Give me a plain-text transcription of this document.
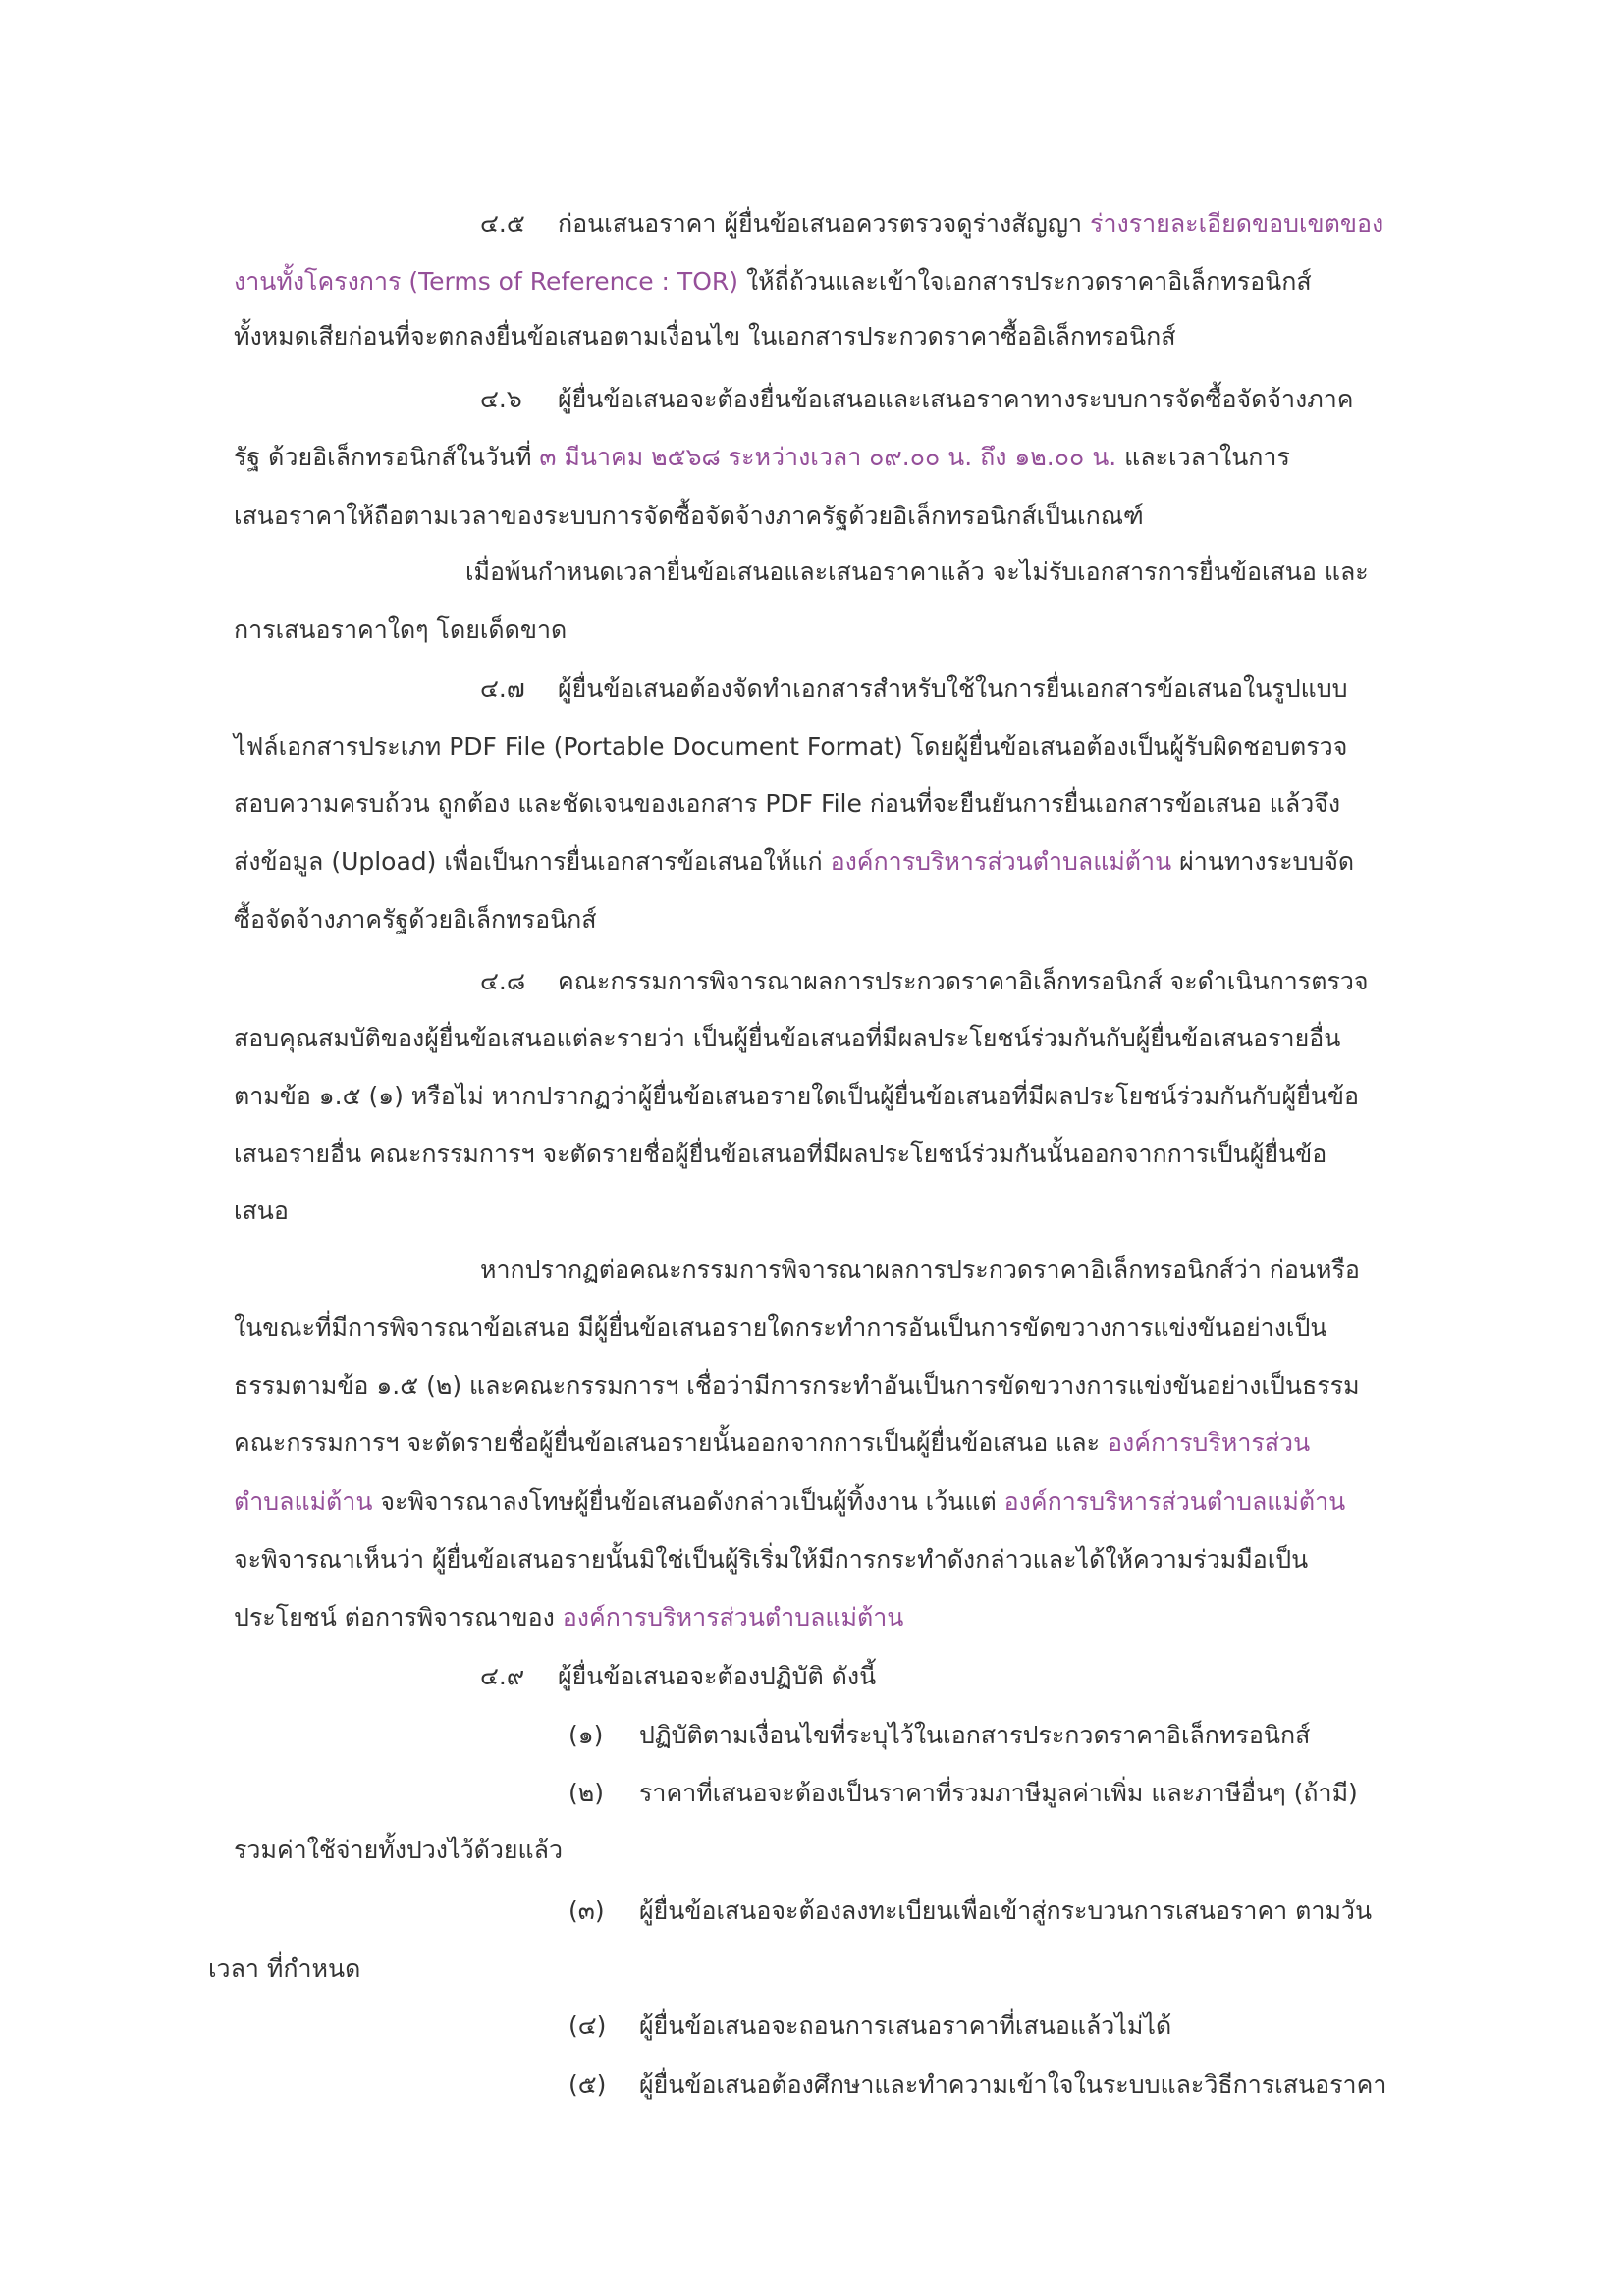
๔.๕ ก่อนเสนอราคา ผู้ยื่นข้อเสนอควรตรวจดูร่างสัญญา ร่างรายละเอียดขอบเขตของ
งานทั้งโครงการ (Terms of Reference : TOR) ให้ถี่ถ้วนและเข้าใจเอกสารประกวดราคาอิเล็กทรอนิกส์
ทั้งหมดเสียก่อนที่จะตกลงยื่นข้อเสนอตามเงื่อนไข ในเอกสารประกวดราคาซื้ออิเล็กทรอนิกส์
๔.๖ ผู้ยื่นข้อเสนอจะต้องยื่นข้อเสนอและเสนอราคาทางระบบการจัดซื้อจัดจ้างภาค
รัฐ ด้วยอิเล็กทรอนิกส์ในวันที่ ๓ มีนาคม ๒๕๖๘ ระหว่างเวลา ๐๙.๐๐ น. ถึง ๑๒.๐๐ น. และเวลาในการ
เสนอราคาให้ถือตามเวลาของระบบการจัดซื้อจัดจ้างภาครัฐด้วยอิเล็กทรอนิกส์เป็นเกณฑ์
เมื่อพ้นกำหนดเวลายื่นข้อเสนอและเสนอราคาแล้ว จะไม่รับเอกสารการยื่นข้อเสนอ และ
การเสนอราคาใดๆ โดยเด็ดขาด
๔.๗ ผู้ยื่นข้อเสนอต้องจัดทำเอกสารสำหรับใช้ในการยื่นเอกสารข้อเสนอในรูปแบบ
ไฟล์เอกสารประเภท PDF File (Portable Document Format) โดยผู้ยื่นข้อเสนอต้องเป็นผู้รับผิดชอบตรวจ
สอบความครบถ้วน ถูกต้อง และชัดเจนของเอกสาร PDF File ก่อนที่จะยืนยันการยื่นเอกสารข้อเสนอ แล้วจึง
ส่งข้อมูล (Upload) เพื่อเป็นการยื่นเอกสารข้อเสนอให้แก่ องค์การบริหารส่วนตำบลแม่ต้าน ผ่านทางระบบจัด
ซื้อจัดจ้างภาครัฐด้วยอิเล็กทรอนิกส์
๔.๘ คณะกรรมการพิจารณาผลการประกวดราคาอิเล็กทรอนิกส์ จะดำเนินการตรวจ
สอบคุณสมบัติของผู้ยื่นข้อเสนอแต่ละรายว่า เป็นผู้ยื่นข้อเสนอที่มีผลประโยชน์ร่วมกันกับผู้ยื่นข้อเสนอรายอื่น
ตามข้อ ๑.๕ (๑) หรือไม่ หากปรากฏว่าผู้ยื่นข้อเสนอรายใดเป็นผู้ยื่นข้อเสนอที่มีผลประโยชน์ร่วมกันกับผู้ยื่นข้อ
เสนอรายอื่น คณะกรรมการฯ จะตัดรายชื่อผู้ยื่นข้อเสนอที่มีผลประโยชน์ร่วมกันนั้นออกจากการเป็นผู้ยื่นข้อ
เสนอ
หากปรากฏต่อคณะกรรมการพิจารณาผลการประกวดราคาอิเล็กทรอนิกส์ว่า ก่อนหรือ
ในขณะที่มีการพิจารณาข้อเสนอ มีผู้ยื่นข้อเสนอรายใดกระทำการอันเป็นการขัดขวางการแข่งขันอย่างเป็น
ธรรมตามข้อ ๑.๕ (๒) และคณะกรรมการฯ เชื่อว่ามีการกระทำอันเป็นการขัดขวางการแข่งขันอย่างเป็นธรรม
คณะกรรมการฯ จะตัดรายชื่อผู้ยื่นข้อเสนอรายนั้นออกจากการเป็นผู้ยื่นข้อเสนอ และ องค์การบริหารส่วน
ตำบลแม่ต้าน จะพิจารณาลงโทษผู้ยื่นข้อเสนอดังกล่าวเป็นผู้ทิ้งงาน เว้นแต่ องค์การบริหารส่วนตำบลแม่ต้าน
จะพิจารณาเห็นว่า ผู้ยื่นข้อเสนอรายนั้นมิใช่เป็นผู้ริเริ่มให้มีการกระทำดังกล่าวและได้ให้ความร่วมมือเป็น
ประโยชน์ ต่อการพิจารณาของ องค์การบริหารส่วนตำบลแม่ต้าน
๔.๙ ผู้ยื่นข้อเสนอจะต้องปฏิบัติ ดังนี้
(๑) ปฏิบัติตามเงื่อนไขที่ระบุไว้ในเอกสารประกวดราคาอิเล็กทรอนิกส์
(๒) ราคาที่เสนอจะต้องเป็นราคาที่รวมภาษีมูลค่าเพิ่ม และภาษีอื่นๆ (ถ้ามี)
รวมค่าใช้จ่ายทั้งปวงไว้ด้วยแล้ว
(๓) ผู้ยื่นข้อเสนอจะต้องลงทะเบียนเพื่อเข้าสู่กระบวนการเสนอราคา ตามวัน
เวลา ที่กำหนด
(๔) ผู้ยื่นข้อเสนอจะถอนการเสนอราคาที่เสนอแล้วไม่ได้
(๕) ผู้ยื่นข้อเสนอต้องศึกษาและทำความเข้าใจในระบบและวิธีการเสนอราคา
